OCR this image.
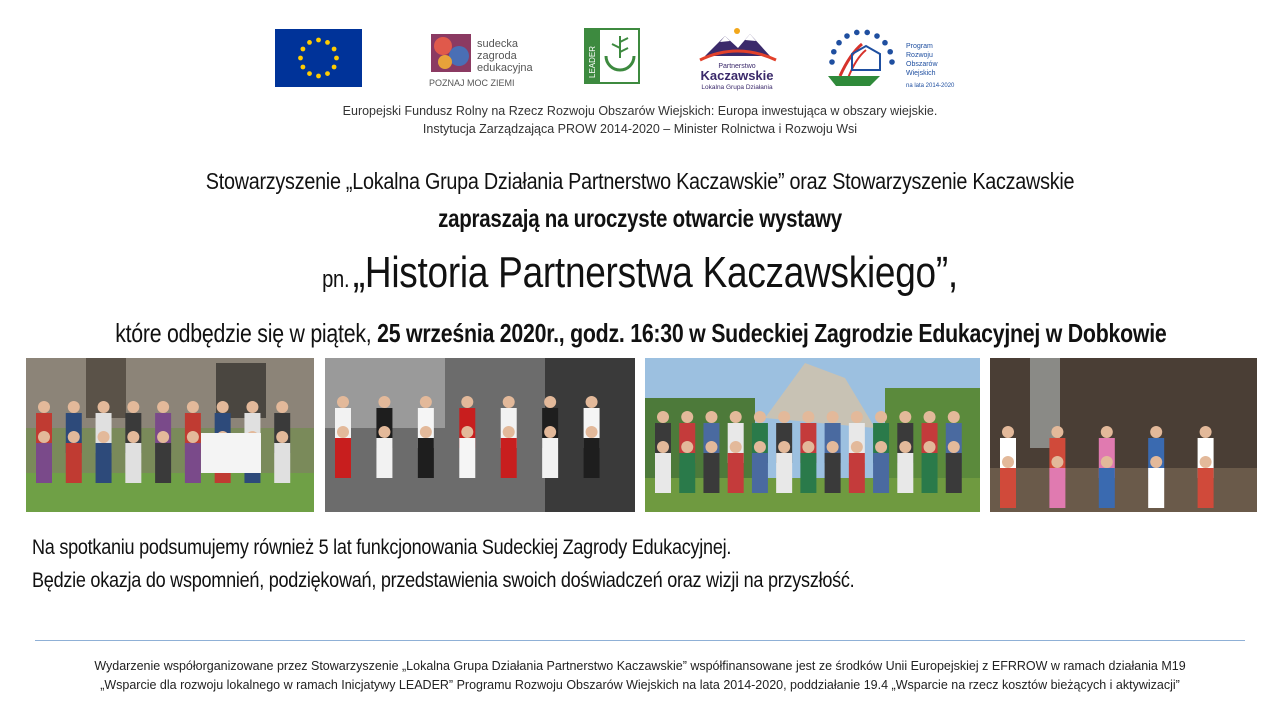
sudecka
zagroda
edukacyjna
POZNAJ MOC ZIEMI
LEADER	Partnerstwo
Kaczawskie
Lokalna Grupa Działania
Program
Rozwoju
Obszarów
Wiejskich
na lata 2014-2020
Europejski Fundusz Rolny na Rzecz Rozwoju Obszarów Wiejskich: Europa inwestująca w obszary wiejskie.
Instytucja Zarządzająca PROW 2014-2020 – Minister Rolnictwa i Rozwoju Wsi
Stowarzyszenie „Lokalna Grupa Działania Partnerstwo Kaczawskie” oraz Stowarzyszenie Kaczawskie
zapraszają na uroczyste otwarcie wystawy
pn. „Historia Partnerstwa Kaczawskiego”,
które odbędzie się w piątek, 25 września 2020r., godz. 16:30 w Sudeckiej Zagrodzie Edukacyjnej w Dobkowie
Na spotkaniu podsumujemy również 5 lat funkcjonowania Sudeckiej Zagrody Edukacyjnej.
Będzie okazja do wspomnień, podziękowań, przedstawienia swoich doświadczeń oraz wizji na przyszłość.
Wydarzenie współorganizowane przez Stowarzyszenie „Lokalna Grupa Działania Partnerstwo Kaczawskie” współfinansowane jest ze środków Unii Europejskiej z EFRROW w ramach działania M19
„Wsparcie dla rozwoju lokalnego w ramach Inicjatywy LEADER” Programu Rozwoju Obszarów Wiejskich na lata 2014-2020, poddziałanie 19.4 „Wsparcie na rzecz kosztów bieżących i aktywizacji”
